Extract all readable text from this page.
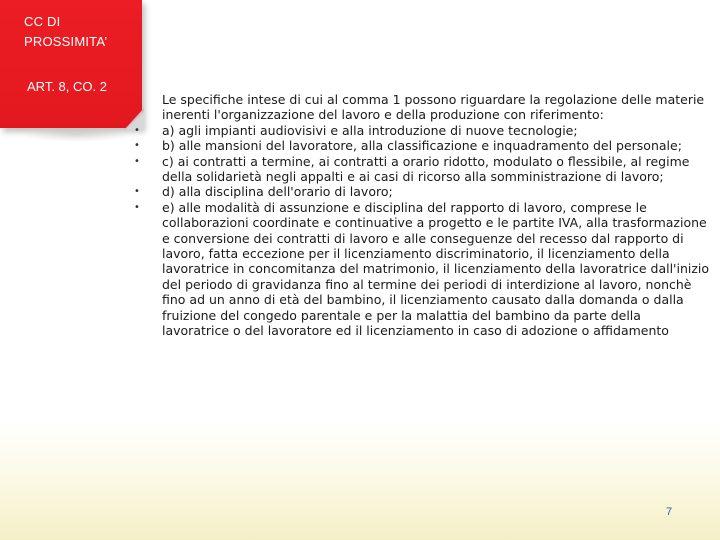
CC DI PROSSIMITA’
ART. 8, CO. 2

Le specifiche intese di cui al comma 1 possono riguardare la regolazione delle materie inerenti l'organizzazione del lavoro e della produzione con riferimento:

• a) agli impianti audiovisivi e alla introduzione di nuove tecnologie;
• b) alle mansioni del lavoratore, alla classificazione e inquadramento del personale;
• c) ai contratti a termine, ai contratti a orario ridotto, modulato o flessibile, al regime della solidarietà negli appalti e ai casi di ricorso alla somministrazione di lavoro;
• d) alla disciplina dell'orario di lavoro;
• e) alle modalità di assunzione e disciplina del rapporto di lavoro, comprese le collaborazioni coordinate e continuative a progetto e le partite IVA, alla trasformazione e conversione dei contratti di lavoro e alle conseguenze del recesso dal rapporto di lavoro, fatta eccezione per il licenziamento discriminatorio, il licenziamento della lavoratrice in concomitanza del matrimonio, il licenziamento della lavoratrice dall'inizio del periodo di gravidanza fino al termine dei periodi di interdizione al lavoro, nonchè fino ad un anno di età del bambino, il licenziamento causato dalla domanda o dalla fruizione del congedo parentale e per la malattia del bambino da parte della lavoratrice o del lavoratore ed il licenziamento in caso di adozione o affidamento
7
